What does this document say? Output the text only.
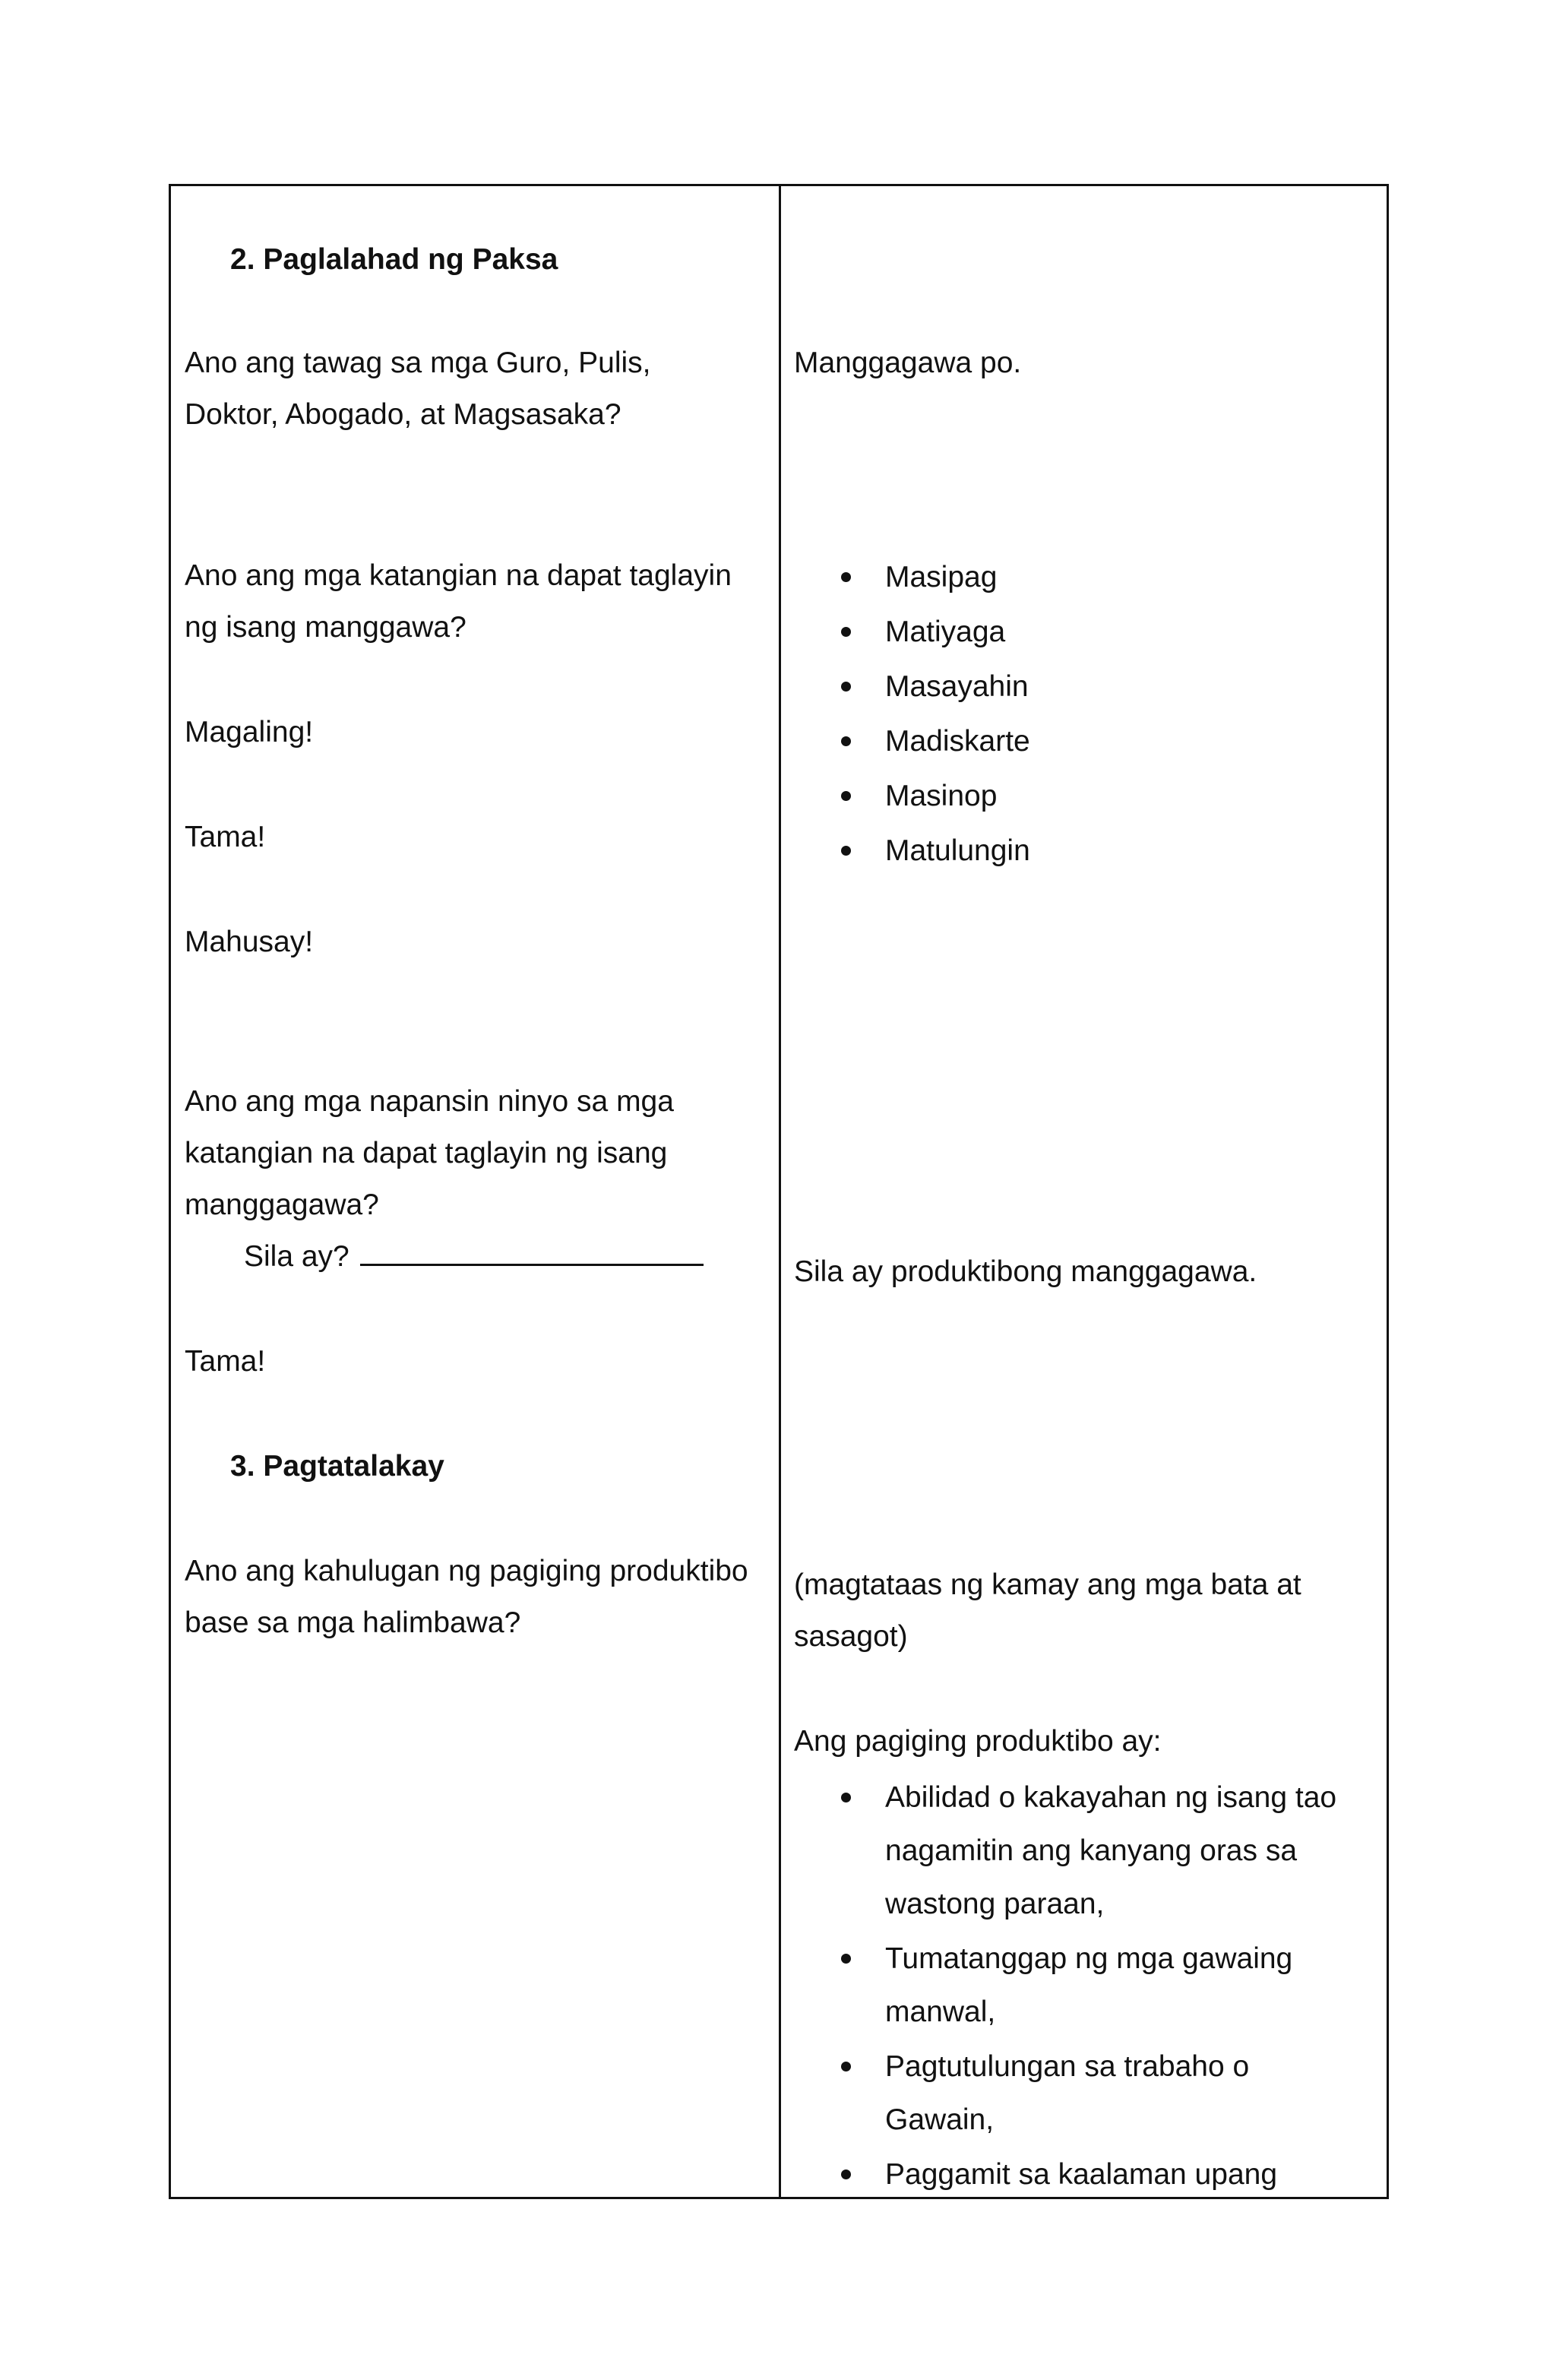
2. Paglalahad ng Paksa
Ano ang tawag sa mga Guro, Pulis,
Doktor, Abogado, at Magsasaka?
Ano ang mga katangian na dapat taglayin
ng isang manggawa?
Magaling!
Tama!
Mahusay!
Ano ang mga napansin ninyo sa mga
katangian na dapat taglayin ng isang
manggagawa?
Sila ay?
Tama!
3. Pagtatalakay
Ano ang kahulugan ng pagiging produktibo
base sa mga halimbawa?
Manggagawa po.
Masipag
Matiyaga
Masayahin
Madiskarte
Masinop
Matulungin
Sila ay produktibong manggagawa.
(magtataas ng kamay ang mga bata at
sasagot)
Ang pagiging produktibo ay:
Abilidad o kakayahan ng isang tao
nagamitin ang kanyang oras sa
wastong paraan,
Tumatanggap ng mga gawaing
manwal,
Pagtutulungan sa trabaho o
Gawain,
Paggamit sa kaalaman upang
